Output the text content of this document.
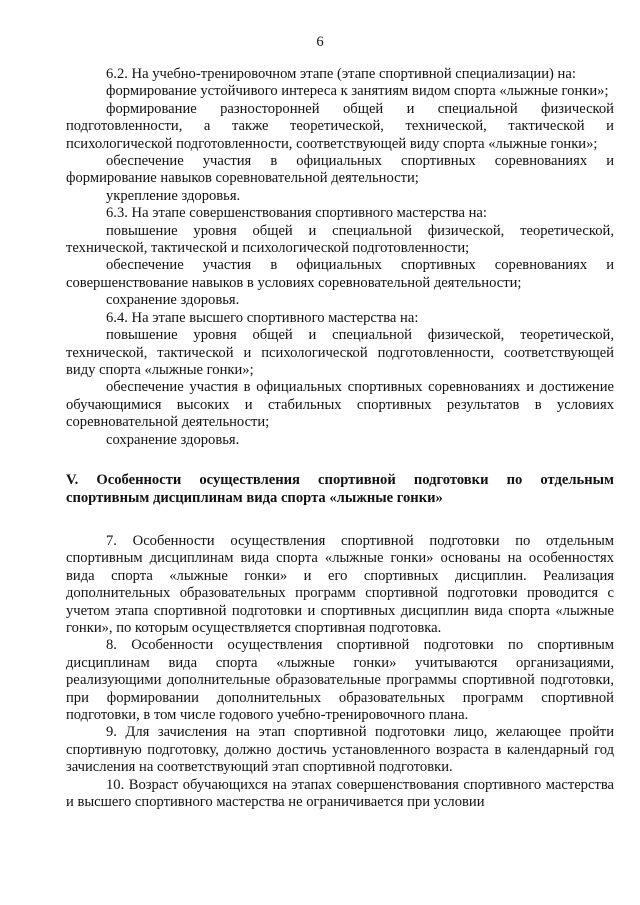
6

6.2. На учебно-тренировочном этапе (этапе спортивной специализации) на:

формирование устойчивого интереса к занятиям видом спорта «лыжные гонки»;

формирование разносторонней общей и специальной физической подготовленности, а также теоретической, технической, тактической и психологической подготовленности, соответствующей виду спорта «лыжные гонки»;

обеспечение участия в официальных спортивных соревнованиях и формирование навыков соревновательной деятельности;

укрепление здоровья.

6.3. На этапе совершенствования спортивного мастерства на:

повышение уровня общей и специальной физической, теоретической, технической, тактической и психологической подготовленности;

обеспечение участия в официальных спортивных соревнованиях и совершенствование навыков в условиях соревновательной деятельности;

сохранение здоровья.

6.4. На этапе высшего спортивного мастерства на:

повышение уровня общей и специальной физической, теоретической, технической, тактической и психологической подготовленности, соответствующей виду спорта «лыжные гонки»;

обеспечение участия в официальных спортивных соревнованиях и достижение обучающимися высоких и стабильных спортивных результатов в условиях соревновательной деятельности;

сохранение здоровья.

V. Особенности осуществления спортивной подготовки по отдельным спортивным дисциплинам вида спорта «лыжные гонки»

7. Особенности осуществления спортивной подготовки по отдельным спортивным дисциплинам вида спорта «лыжные гонки» основаны на особенностях вида спорта «лыжные гонки» и его спортивных дисциплин. Реализация дополнительных образовательных программ спортивной подготовки проводится с учетом этапа спортивной подготовки и спортивных дисциплин вида спорта «лыжные гонки», по которым осуществляется спортивная подготовка.

8. Особенности осуществления спортивной подготовки по спортивным дисциплинам вида спорта «лыжные гонки» учитываются организациями, реализующими дополнительные образовательные программы спортивной подготовки, при формировании дополнительных образовательных программ спортивной подготовки, в том числе годового учебно-тренировочного плана.

9. Для зачисления на этап спортивной подготовки лицо, желающее пройти спортивную подготовку, должно достичь установленного возраста в календарный год зачисления на соответствующий этап спортивной подготовки.

10. Возраст обучающихся на этапах совершенствования спортивного мастерства и высшего спортивного мастерства не ограничивается при условии
